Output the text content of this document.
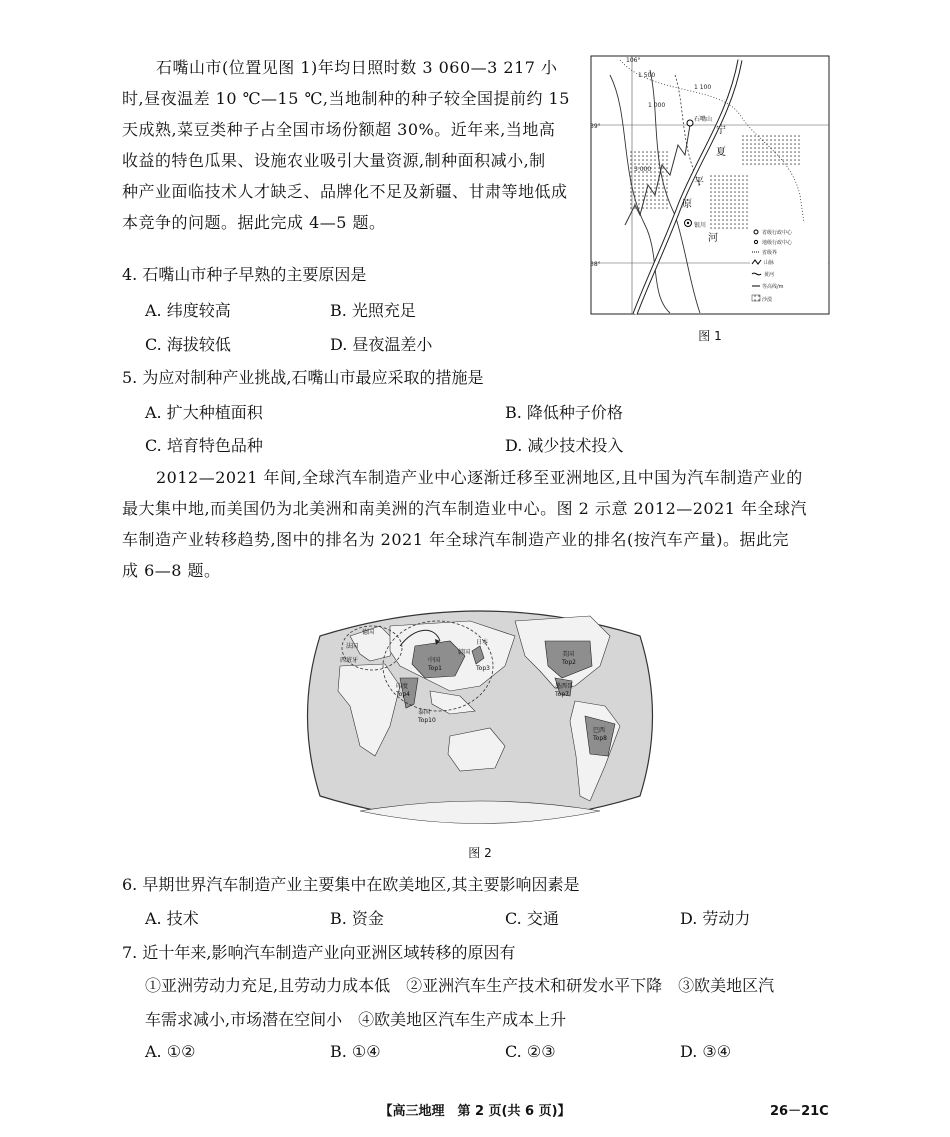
石嘴山市(位置见图 1)年均日照时数 3 060—3 217 小
时,昼夜温差 10 ℃—15 ℃,当地制种的种子较全国提前约 15
天成熟,菜豆类种子占全国市场份额超 30%。近年来,当地高
收益的特色瓜果、设施农业吸引大量资源,制种面积减小,制
种产业面临技术人才缺乏、品牌化不足及新疆、甘肃等地低成
本竞争的问题。据此完成 4—5 题。
省级行政中心
地级行政中心
省级界
山脉
黄河
等高线/m
沙漠
106°
39°
38°
1 500
1 000
1 100
3 000
石嘴山
宁
夏
平
原
银川
河
图 1
4. 石嘴山市种子早熟的主要原因是
A. 纬度较高	B. 光照充足
C. 海拔较低	D. 昼夜温差小
5. 为应对制种产业挑战,石嘴山市最应采取的措施是
A. 扩大种植面积	B. 降低种子价格
C. 培育特色品种	D. 减少技术投入
2012—2021 年间,全球汽车制造产业中心逐渐迁移至亚洲地区,且中国为汽车制造产业的
最大集中地,而美国仍为北美洲和南美洲的汽车制造业中心。图 2 示意 2012—2021 年全球汽
车制造产业转移趋势,图中的排名为 2021 年全球汽车制造产业的排名(按汽车产量)。据此完
成 6—8 题。
德国
法国
西班牙	中国
日本
Top3
Top1
韩国
印度
Top4
泰国
Top10
美国
Top2
墨西哥
Top7
巴西
Top8
图 2
6. 早期世界汽车制造产业主要集中在欧美地区,其主要影响因素是
A. 技术	B. 资金	C. 交通	D. 劳动力
7. 近十年来,影响汽车制造产业向亚洲区域转移的原因有
①亚洲劳动力充足,且劳动力成本低　②亚洲汽车生产技术和研发水平下降　③欧美地区汽
车需求减小,市场潜在空间小　④欧美地区汽车生产成本上升
A. ①②	B. ①④	C. ②③	D. ③④
【高三地理　第 2 页(共 6 页)】	26－21C
